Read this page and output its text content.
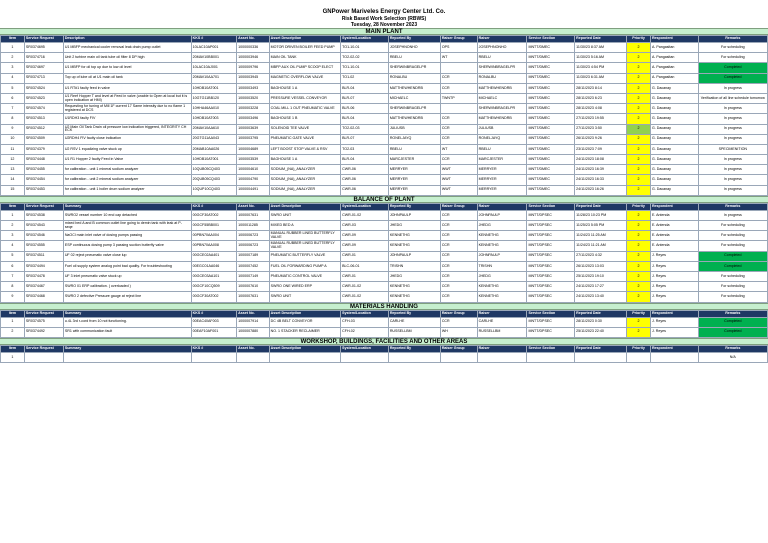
GNPower Mariveles Energy Center Ltd. Co.
Risk Based Work Selection (RBWS)
Tuesday, 28 November 2023
MAIN PLANT
Item	Service Request	Description	KKS #	Asset No.	Asset Description	System/Location	Reported By	Raiser Group	Raiser	Service Section	Reported Date	Priority	Respondent	Remarks
1	SR0374695	U1 MBFP mechanical cooler removal leak drain pump outlet	10LAC10AP001	1000000336	MOTOR DRIVEN BOILER FEED PUMP	TO1-10-01	JOSEPHNONHO	OPS	JOSEPHNONHO	MNTT/DMEC	11/30/23 8:37 AM	2	A. Pangasitan	For scheduling
2	SR0374716	Unit 2 turbine main oil tank tube oil filter 8 DP high	20MAV10BB001	1000003946	MAIN OIL TANK	TO2-02-02	RBELU	WT	RBELU	MNTT/DMEC	11/30/23 5:16 AM	2	A. Pangasitan	For scheduling
3	SR0374697	U1 MBFP for oil top up due to low oil level	10LAC10AJ001	1000009796	MBFP AUX OIL PUMP SCOOP ELECT	TO1-10-01	SHERWINBRAGELPR		SHERWINBRAGELPR	MNTT/DMEC	11/30/23 4:54 PM	2	A. Pangasitan	Completed
4	SR0374713	Top up of lube oil at U1 main oil tank	20MAV10AA701	1000003945	MAGNETIC OVERFLOW VALVE	TO1-02	RONALBU	CCR	RONALBU	MNTT/DMEC	11/30/23 6:31 AM	2	A. Pangasitan	Completed
5	SR0374524	U1 RT#1 faulty feed in valve	10HDB10AT001	1000003493	BAGHOUSE 1 A	BLR-04	MATTHEWHENDRB	CCR	MATTHEWHENDRB	MNTT/DMEC	28/11/2023 8:14	2	G. Dacanay	In progress
6	SR0374523	U1 Reef Hopper T and level at Feed in valve (unable to Open at local but it is open indication at HMI)	10GTG11BB120	1000003520	PRESSURE VESSEL CONVEYOR	BLR-07	MICHAELC	TWNTP	MICHAELC	MNTT/DMEC	28/11/2023 6:23	2	G. Dacanay	Verification of all line schedule tomorrow
7	SR0374574	Requesting for tuning of Mill 1F current 17 Same intensity due to no flame 1 registered at DCS	10HHA46AA010	1000003228	COAL MILL 1 OUT PNEUMATIC VALVE	BLR-06	SHERWINBRAGELPR		SHERWINBRAGELPR	MNTT/DMEC	28/11/2023 4:08	2	G. Dacanay	In progress
8	SR0374513	U1RDH3 faulty FIV	10HDB10AT003	1000003496	BAGHOUSE 1 B	BLR-04	MATTHEWHENDRB	CCR	MATTHEWHENDRB	MNTT/DMEC	27/11/2023 19:55	2	G. Dacanay	In progress
9	SR0374512	U2 Main Oil Tank Drain oil pressure low indication triggered, INTEGRITY CH ECK	20MAV10AA610	1000003639	SOLENOID TEE VALVE	TO2-02-03	JULIUSB	CCR	JULIUSB	MNTT/DMEC	27/11/2023 3:50	2	G. Dacanay	In progress
10	SR0374509	U2RDH4 FIV faulty close indication	20GTG11AA043	1000003795	PNEUMATIC GATE VALVE	BLR-07	RONELJAYQ	CCR	RONELJAYQ	MNTT/DMEC	26/11/2023 9:26	2	G. Dacanay	In progress
11	SR0374379	U2 RSV 1 equalizing valve stuck up	20MAB10AA026	1000004689	LEFT BOOST STOP VALVE & RSV	TO2-03	RBELU	WT	RBELU	MNTT/DMEC	23/11/2023 7:09	2	G. Dacanay	SPECIMENITION
12	SR0374448	U1 R1 Hopper 2 faulty Feed in Valve	10HDB10AT001	1000003539	BAGHOUSE 1 A	BLR-04	MARCJESTER	CCR	MARCJESTER	MNTT/DMEC	24/11/2023 18:08	2	G. Dacanay	In progress
13	SR0374455	for calibration - unit 1 mineral sodium analyzer	10QUB05CQ403	1000004610	SODIUM_(NA)_ANALYZER	CWR-06	MERRYER	WWT	MERRYER	MNTT/DMEC	24/11/2023 16:39	2	G. Dacanay	In progress
14	SR0374454	for calibration - unit 2 mineral sodium analyzer	20QUB05CQ403	1000004790	SODIUM_(NA)_ANALYZER	CWR-06	MERRYER	WWT	MERRYER	MNTT/DMEC	24/11/2023 16:33	2	G. Dacanay	In progress
15	SR0374453	for calibration - unit 1 boiler drum sodium analyzer	10QUP10CQ403	1000004491	SODIUM_(NA)_ANALYZER	CWR-06	MERRYER	WWT	MERRYER	MNTT/DMEC	24/11/2023 16:26	2	G. Dacanay	In progress
BALANCE OF PLANT
Item	Service Request	Summary	KKS #	Asset No.	Asset Description	System/Location	Reported By	Raiser Group	Raiser	Service Section	Reported Date	Priority	Respondent	Remarks
1	SR0374538	SWRO2 vessel number 10 end cap detached	00GCF30AT002	1000007631	SWRO UNIT	CWR-01-02	JOHNPAULP	CCR	JOHNPAULP	MNTT/DPSEC	11/28/23 10:23 PM	2	E. Antenda	In progress
2	SR0374543	mixed bed A and B common outlet line going to demin tank with leak at P-seqe	00GCF55BB001	1000011285	MIXED BED A	CWR-03	JHEDG	CCR	JHEDG	MNTT/DPSEC	11/25/23 5:05 PM	2	E. Antenda	For scheduling
3	SR0374546	NaOCl main inlet valve of dosing pumps passing	00PBN70AA004	1000006723	MANUAL RUBBER LINED BUTTERFLY VALVE	CWR-09	KENNETHG	CCR	KENNETHG	MNTT/DPSEC	11/24/23 11:25 AM	2	E. Antenda	For scheduling
4	SR0374555	ESP continuous dosing pump 3 passing suction butterfly valve	00PBN70AA008	1000006723	MANUAL RUBBER LINED BUTTERFLY VALVE	CWR-09	KENNETHG	CCR	KENNETHG	MNTT/DPSEC	11/24/23 11:21 AM	2	E. Antenda	For scheduling
5	SR0374511	UF 02 reject pneumatic valve close lup	00GCE02AA401	1000007189	PNEUMATIC BUTTERFLY VALVE	CWR-01	JOHNPAULP	CCR	JOHNPAULP	MNTT/DPSEC	27/11/2023 4:32	2	J. Reyes	Completed
6	SR0374494	Fuel oil supply system analog point bad quality. For troubleshooting	00EGC01AA046	1000007452	FUEL OIL FORWARDING PUMP A	BLC-06-01	TRISHN	CCR	TRISHN	MNTT/DPSEC	26/11/2023 13:03	2	J. Reyes	Completed
7	SR0374478	UF 3 inlet pneumatic valve stuck up	00GCE03AA101	1000007149	PNEUMATIC CONTROL VALVE	CWR-01	JHEDG	CCR	JHEDG	MNTT/DPSEC	25/11/2023 19:10	2	J. Reyes	For scheduling
8	SR0374467	SWRO 01 ERP calibration. ( overloaded )	00GCF10CQ509	1000007610	SWRO ONE WIRED ERP	CWR-01-02	KENNETHG	CCR	KENNETHG	MNTT/DPSEC	24/11/2023 17:27	2	J. Reyes	For scheduling
9	SR0374468	SWRO 2 defective Pressure gauge at reject line	00GCF30AT002	1000007631	SWRO UNIT	CWR-01-02	KENNETHG	CCR	KENNETHG	MNTT/DPSEC	24/11/2023 13:40	2	J. Reyes	For scheduling
MATERIALS HANDLING
Item	Service Request	Summary	KKS #	Asset No.	Asset Description	System/Location	Reported By	Raiser Group	Raiser	Service Section	Reported Date	Priority	Respondent	Remarks
1	SR0374575	u.4L 3rd r-cord from 10 not functioning.	00EAC40AF003	1000007914	DC 4B BELT CONVEYOR	CFH-03	CARLHE	CCR	CARLHE	MNTT/DPSEC	28/11/2023 0:30	2	J. Reyes	Completed
2	SR0374492	SR1 with communication fault	00EAF10AF001	1000007880	NO. 1 STACKER RECLAIMER	CFH-02	RUSSELLBM	WH	RUSSELLBM	MNTT/DPSEC	25/11/2023 22:40	2	J. Reyes	Completed
WORKSHOP, BUILDINGS, FACILITIES AND OTHER AREAS
Item	Service Request	Summary	KKS #	Asset No.	Asset Description	System/Location	Reported By	Raiser Group	Raiser	Service Section	Reported Date	Priority	Respondent	Remarks
1														N/A
